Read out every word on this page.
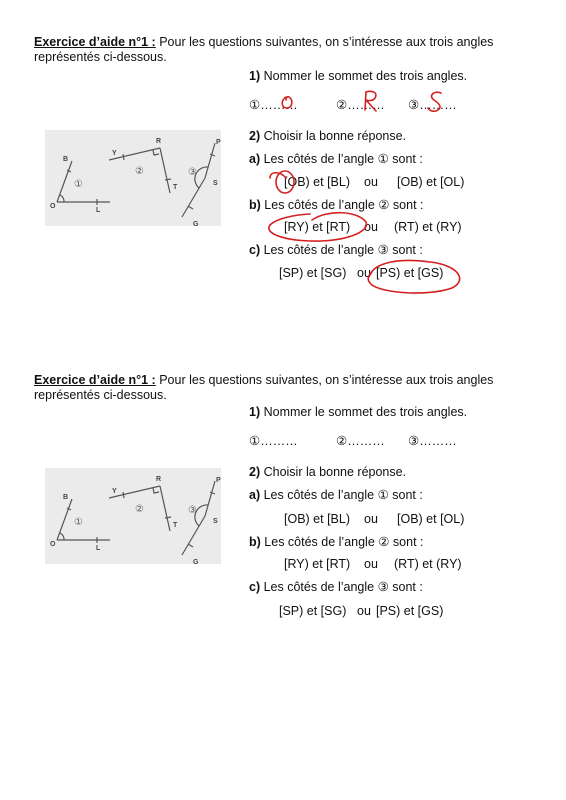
Exercice d’aide n°1 : Pour les questions suivantes, on s’intéresse aux trois angles
représentés ci-dessous.
1) Nommer le sommet des trois angles.
①………	②……… ③………
2) Choisir la bonne réponse.
a) Les côtés de l’angle ① sont :
[OB) et [BL) ou [OB) et [OL)
b) Les côtés de l’angle ② sont :
[RY) et [RT) ou (RT) et (RY)
c) Les côtés de l’angle ③ sont :
[SP) et [SG) ou [PS) et [GS)
B
O
L
Y
R
T
P
S
G
①
②	③
Exercice d’aide n°1 : Pour les questions suivantes, on s’intéresse aux trois angles
représentés ci-dessous.
1) Nommer le sommet des trois angles.
①………	②……… ③………
2) Choisir la bonne réponse.
a) Les côtés de l’angle ① sont :
[OB) et [BL) ou [OB) et [OL)
b) Les côtés de l’angle ② sont :
[RY) et [RT) ou (RT) et (RY)
c) Les côtés de l’angle ③ sont :
[SP) et [SG) ou [PS) et [GS)
B
O
L
Y
R
T
P
S
G
①
②	③
